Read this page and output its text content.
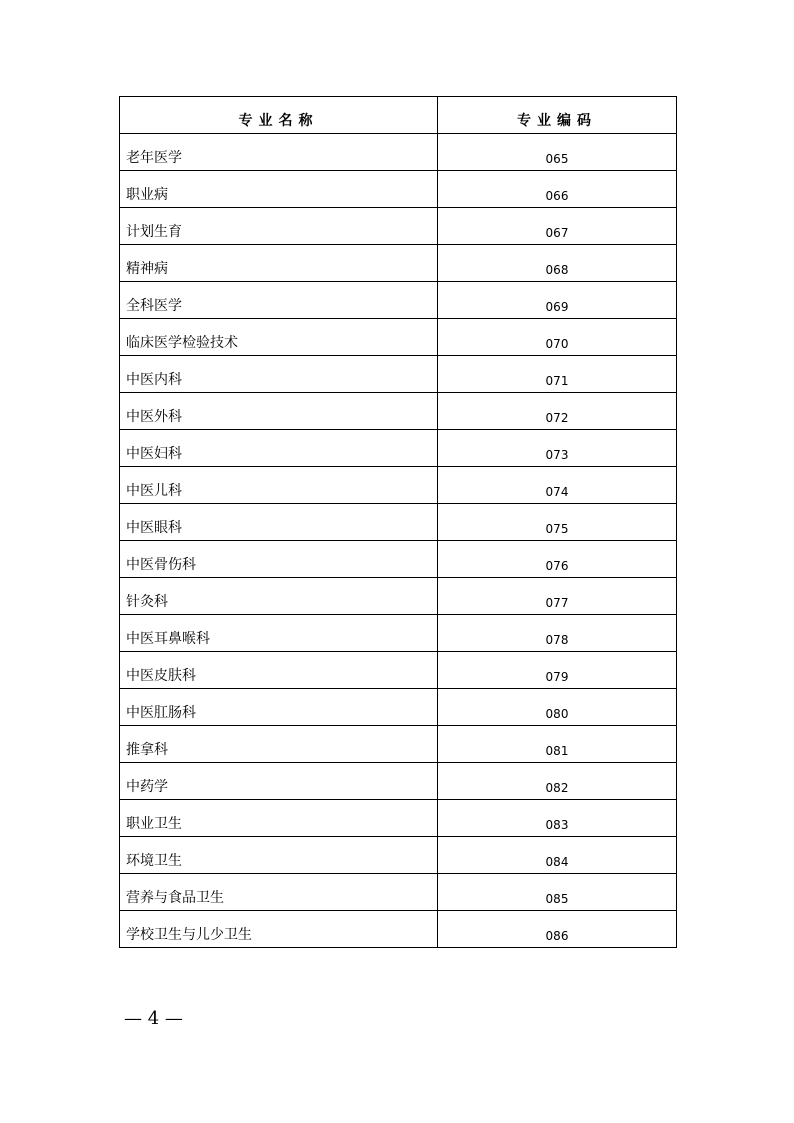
专业名称	专业编码
老年医学	065
职业病	066
计划生育	067
精神病	068
全科医学	069
临床医学检验技术	070
中医内科	071
中医外科	072
中医妇科	073
中医儿科	074
中医眼科	075
中医骨伤科	076
针灸科	077
中医耳鼻喉科	078
中医皮肤科	079
中医肛肠科	080
推拿科	081
中药学	082
职业卫生	083
环境卫生	084
营养与食品卫生	085
学校卫生与儿少卫生	086
— 4 —
